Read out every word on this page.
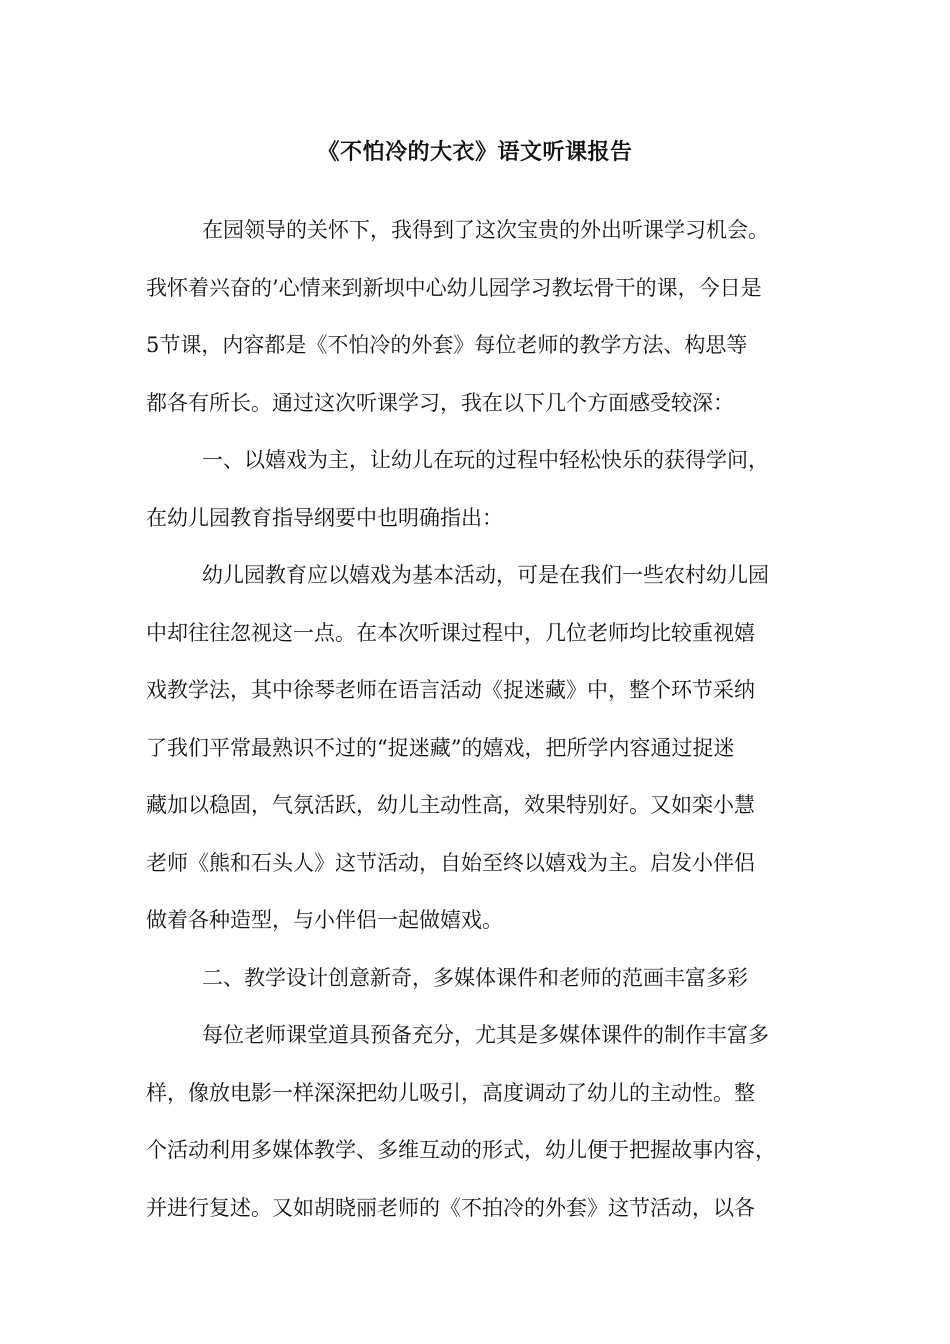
《不怕冷的大衣》语文听课报告
在园领导的关怀下，我得到了这次宝贵的外出听课学习机会。
我怀着兴奋的’心情来到新坝中心幼儿园学习教坛骨干的课，今日是
5节课，内容都是《不怕冷的外套》每位老师的教学方法、构思等
都各有所长。通过这次听课学习，我在以下几个方面感受较深：
一、以嬉戏为主，让幼儿在玩的过程中轻松快乐的获得学问，
在幼儿园教育指导纲要中也明确指出：
幼儿园教育应以嬉戏为基本活动，可是在我们一些农村幼儿园
中却往往忽视这一点。在本次听课过程中，几位老师均比较重视嬉
戏教学法，其中徐琴老师在语言活动《捉迷藏》中，整个环节采纳
了我们平常最熟识不过的“捉迷藏”的嬉戏，把所学内容通过捉迷
藏加以稳固，气氛活跃，幼儿主动性高，效果特别好。又如栾小慧
老师《熊和石头人》这节活动，自始至终以嬉戏为主。启发小伴侣
做着各种造型，与小伴侣一起做嬉戏。
二、教学设计创意新奇，多媒体课件和老师的范画丰富多彩
每位老师课堂道具预备充分，尤其是多媒体课件的制作丰富多
样，像放电影一样深深把幼儿吸引，高度调动了幼儿的主动性。整
个活动利用多媒体教学、多维互动的形式，幼儿便于把握故事内容，
并进行复述。又如胡晓丽老师的《不拍冷的外套》这节活动，以各
